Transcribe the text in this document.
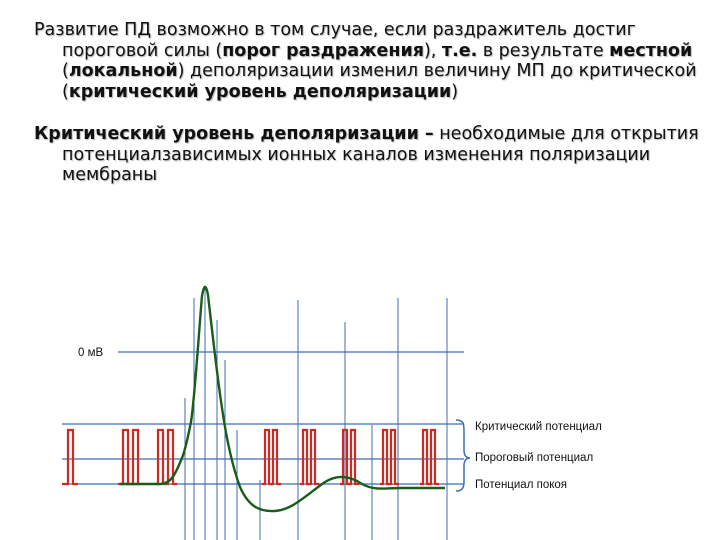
Развитие ПД возможно в том случае, если раздражитель достиг пороговой силы (порог раздражения), т.е. в результате местной (локальной) деполяризации изменил величину МП до критической (критический уровень деполяризации)

Критический уровень деполяризации – необходимые для открытия потенциалзависимых ионных каналов изменения поляризации мембраны

0 мВ
Критический потенциал
Пороговый потенциал
Потенциал покоя
